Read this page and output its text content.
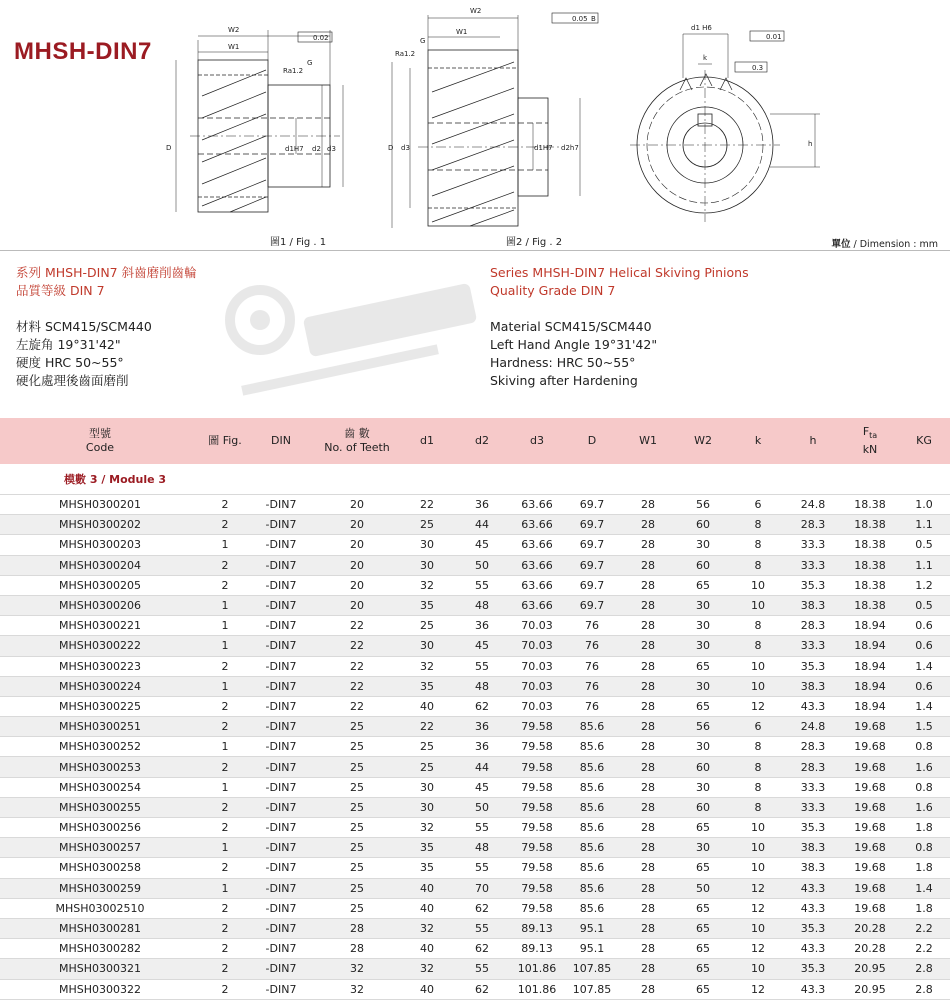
MHSH-DIN7
W2
W1
D	d1H7 d2 d3
Ra1.2
G
0.02
W2
W1
D d3	d1H7 d2h7
Ra1.2
G
0.05 B
d1 H6
k
h
0.01
0.3
圖1 / Fig . 1	圖2 / Fig . 2	單位 / Dimension : mm
系列 MHSH-DIN7 斜齒磨削齒輪
品質等級 DIN 7
材料 SCM415/SCM440
左旋角 19°31'42"
硬度 HRC 50~55°
硬化處理後齒面磨削
Series MHSH-DIN7 Helical Skiving Pinions
Quality Grade DIN 7
Material SCM415/SCM440
Left Hand Angle 19°31'42"
Hardness: HRC 50~55°
Skiving after Hardening
型號
Code	圖 Fig.	DIN	齒 數
No. of Teeth	d1	d2	d3	D	W1	W2	k	h	$F_{ta}$
kN	KG
模數 3 / Module 3													
MHSH0300201	2	-DIN7	20	22	36	63.66	69.7	28	56	6	24.8	18.38	1.0
MHSH0300202	2	-DIN7	20	25	44	63.66	69.7	28	60	8	28.3	18.38	1.1
MHSH0300203	1	-DIN7	20	30	45	63.66	69.7	28	30	8	33.3	18.38	0.5
MHSH0300204	2	-DIN7	20	30	50	63.66	69.7	28	60	8	33.3	18.38	1.1
MHSH0300205	2	-DIN7	20	32	55	63.66	69.7	28	65	10	35.3	18.38	1.2
MHSH0300206	1	-DIN7	20	35	48	63.66	69.7	28	30	10	38.3	18.38	0.5
MHSH0300221	1	-DIN7	22	25	36	70.03	76	28	30	8	28.3	18.94	0.6
MHSH0300222	1	-DIN7	22	30	45	70.03	76	28	30	8	33.3	18.94	0.6
MHSH0300223	2	-DIN7	22	32	55	70.03	76	28	65	10	35.3	18.94	1.4
MHSH0300224	1	-DIN7	22	35	48	70.03	76	28	30	10	38.3	18.94	0.6
MHSH0300225	2	-DIN7	22	40	62	70.03	76	28	65	12	43.3	18.94	1.4
MHSH0300251	2	-DIN7	25	22	36	79.58	85.6	28	56	6	24.8	19.68	1.5
MHSH0300252	1	-DIN7	25	25	36	79.58	85.6	28	30	8	28.3	19.68	0.8
MHSH0300253	2	-DIN7	25	25	44	79.58	85.6	28	60	8	28.3	19.68	1.6
MHSH0300254	1	-DIN7	25	30	45	79.58	85.6	28	30	8	33.3	19.68	0.8
MHSH0300255	2	-DIN7	25	30	50	79.58	85.6	28	60	8	33.3	19.68	1.6
MHSH0300256	2	-DIN7	25	32	55	79.58	85.6	28	65	10	35.3	19.68	1.8
MHSH0300257	1	-DIN7	25	35	48	79.58	85.6	28	30	10	38.3	19.68	0.8
MHSH0300258	2	-DIN7	25	35	55	79.58	85.6	28	65	10	38.3	19.68	1.8
MHSH0300259	1	-DIN7	25	40	70	79.58	85.6	28	50	12	43.3	19.68	1.4
MHSH03002510	2	-DIN7	25	40	62	79.58	85.6	28	65	12	43.3	19.68	1.8
MHSH0300281	2	-DIN7	28	32	55	89.13	95.1	28	65	10	35.3	20.28	2.2
MHSH0300282	2	-DIN7	28	40	62	89.13	95.1	28	65	12	43.3	20.28	2.2
MHSH0300321	2	-DIN7	32	32	55	101.86	107.85	28	65	10	35.3	20.95	2.8
MHSH0300322	2	-DIN7	32	40	62	101.86	107.85	28	65	12	43.3	20.95	2.8
